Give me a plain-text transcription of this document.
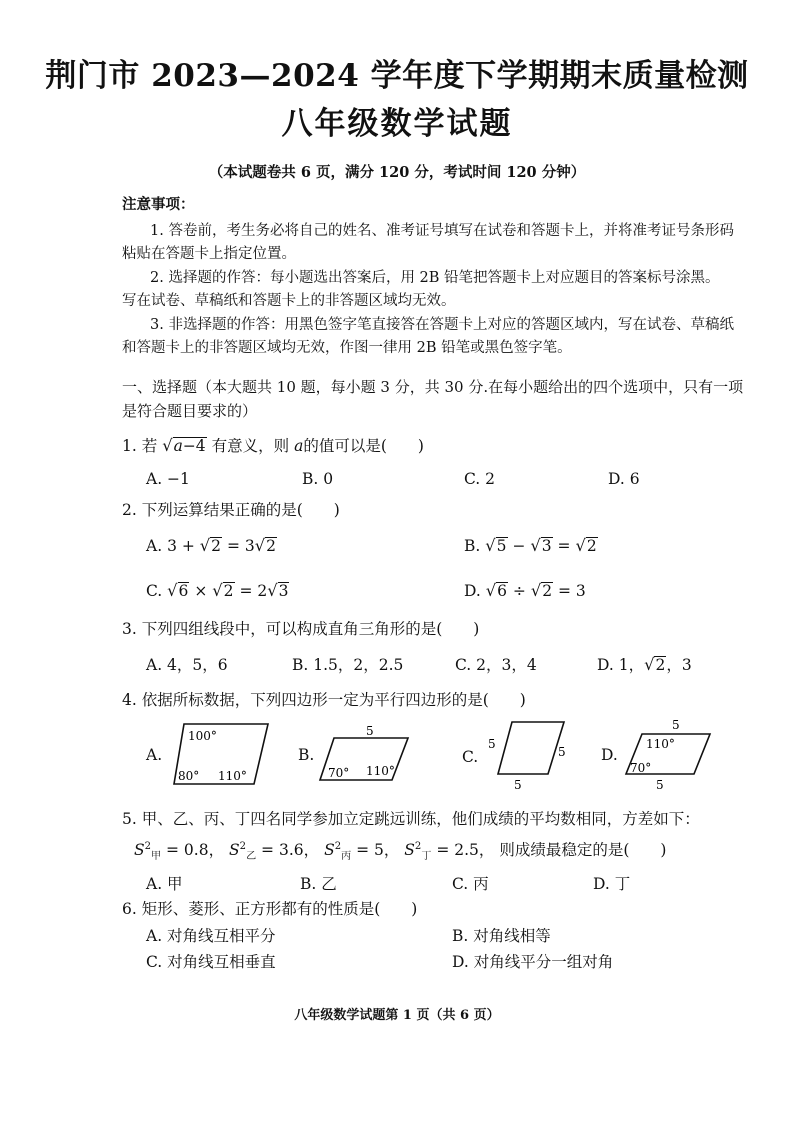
荆门市 2023—2024 学年度下学期期末质量检测
八年级数学试题
（本试题卷共 6 页，满分 120 分，考试时间 120 分钟）
注意事项：
1. 答卷前，考生务必将自己的姓名、准考证号填写在试卷和答题卡上，并将准考证号条形码
粘贴在答题卡上指定位置。
2. 选择题的作答：每小题选出答案后，用 2B 铅笔把答题卡上对应题目的答案标号涂黑。
写在试卷、草稿纸和答题卡上的非答题区域均无效。
3. 非选择题的作答：用黑色签字笔直接答在答题卡上对应的答题区域内，写在试卷、草稿纸
和答题卡上的非答题区域均无效，作图一律用 2B 铅笔或黑色签字笔。
一、选择题（本大题共 10 题，每小题 3 分，共 30 分.在每小题给出的四个选项中，只有一项
是符合题目要求的）
1. 若 √a−4 有意义，则 a的值可以是(　　)
A. −1	B. 0	C. 2	D. 6
2. 下列运算结果正确的是(　　)
A. 3 + √2 = 3√2	B. √5 − √3 = √2
C. √6 × √2 = 2√3	D. √6 ÷ √2 = 3
3. 下列四组线段中，可以构成直角三角形的是(　　)
A. 4，5，6	B. 1.5，2，2.5	C. 2，3，4	D. 1，√2，3
4. 依据所标数据，下列四边形一定为平行四边形的是(　　)
A.
100°
80° 110°
B.
5
70° 110°
C.
5
5
5
D.
5
110°
70°
5
5. 甲、乙、丙、丁四名同学参加立定跳远训练，他们成绩的平均数相同，方差如下：
$S^2_甲 = 0.8$， $S^2_乙 = 3.6$， $S^2_丙 = 5$， $S^2_丁 = 2.5$， 则成绩最稳定的是(　　)
A. 甲	B. 乙	C. 丙	D. 丁
6. 矩形、菱形、正方形都有的性质是(　　)
A. 对角线互相平分	B. 对角线相等
C. 对角线互相垂直	D. 对角线平分一组对角
八年级数学试题第 1 页（共 6 页）
